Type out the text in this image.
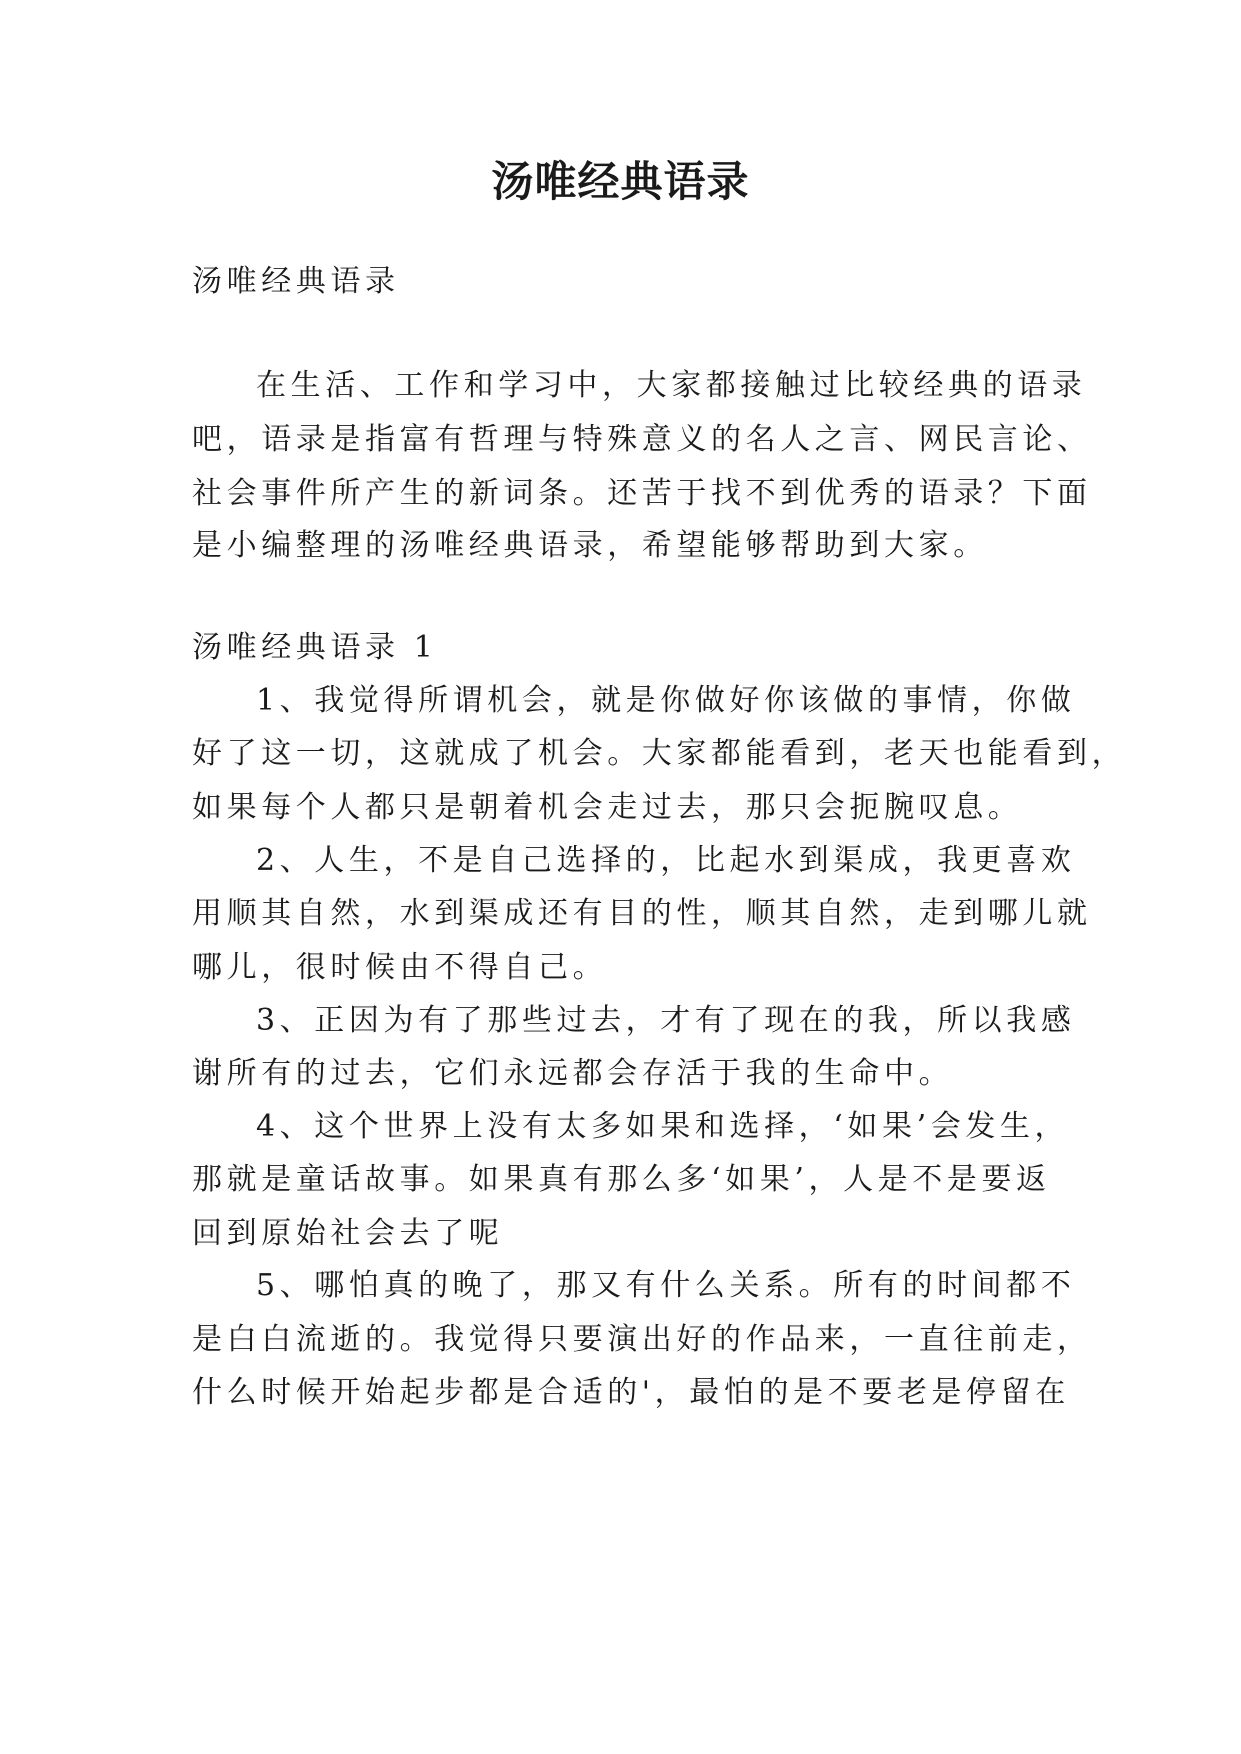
汤唯经典语录
汤唯经典语录
在生活、工作和学习中，大家都接触过比较经典的语录
吧，语录是指富有哲理与特殊意义的名人之言、网民言论、
社会事件所产生的新词条。还苦于找不到优秀的语录？下面
是小编整理的汤唯经典语录，希望能够帮助到大家。
汤唯经典语录 1
1、我觉得所谓机会，就是你做好你该做的事情，你做
好了这一切，这就成了机会。大家都能看到，老天也能看到，
如果每个人都只是朝着机会走过去，那只会扼腕叹息。
2、人生，不是自己选择的，比起水到渠成，我更喜欢
用顺其自然，水到渠成还有目的性，顺其自然，走到哪儿就
哪儿，很时候由不得自己。
3、正因为有了那些过去，才有了现在的我，所以我感
谢所有的过去，它们永远都会存活于我的生命中。
4、这个世界上没有太多如果和选择，‘如果’会发生，
那就是童话故事。如果真有那么多‘如果’，人是不是要返
回到原始社会去了呢
5、哪怕真的晚了，那又有什么关系。所有的时间都不
是白白流逝的。我觉得只要演出好的作品来，一直往前走，
什么时候开始起步都是合适的'，最怕的是不要老是停留在
